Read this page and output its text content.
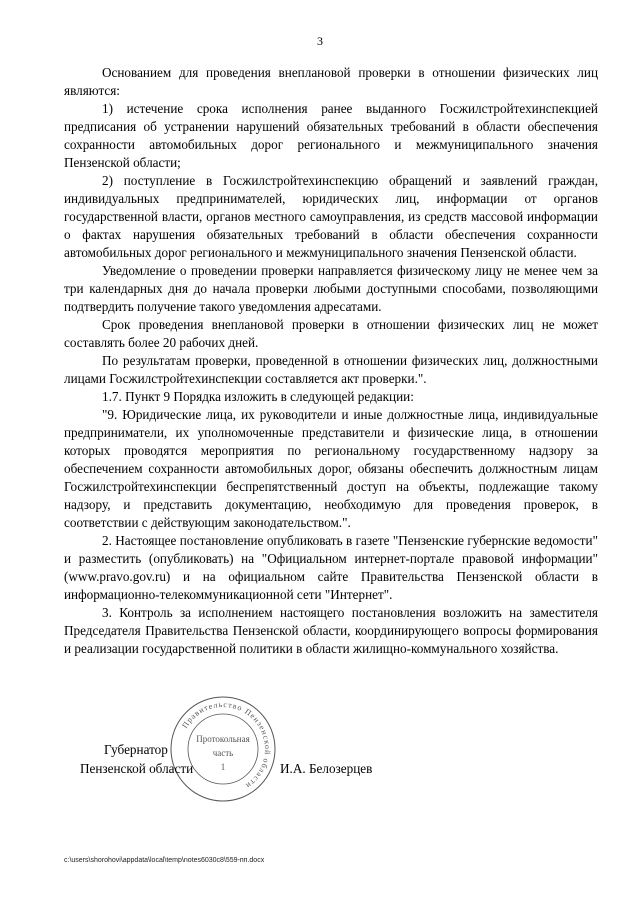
3

Основанием для проведения внеплановой проверки в отношении физических лиц являются:

1) истечение срока исполнения ранее выданного Госжилстройтехинспекцией предписания об устранении нарушений обязательных требований в области обеспечения сохранности автомобильных дорог регионального и межмуниципального значения Пензенской области;

2) поступление в Госжилстройтехинспекцию обращений и заявлений граждан, индивидуальных предпринимателей, юридических лиц, информации от органов государственной власти, органов местного самоуправления, из средств массовой информации о фактах нарушения обязательных требований в области обеспечения сохранности автомобильных дорог регионального и межмуниципального значения Пензенской области.

Уведомление о проведении проверки направляется физическому лицу не менее чем за три календарных дня до начала проверки любыми доступными способами, позволяющими подтвердить получение такого уведомления адресатами.

Срок проведения внеплановой проверки в отношении физических лиц не может составлять более 20 рабочих дней.

По результатам проверки, проведенной в отношении физических лиц, должностными лицами Госжилстройтехинспекции составляется акт проверки.".

1.7. Пункт 9 Порядка изложить в следующей редакции:

"9. Юридические лица, их руководители и иные должностные лица, индивидуальные предприниматели, их уполномоченные представители и физические лица, в отношении которых проводятся мероприятия по региональному государственному надзору за обеспечением сохранности автомобильных дорог, обязаны обеспечить должностным лицам Госжилстройтехинспекции беспрепятственный доступ на объекты, подлежащие такому надзору, и представить документацию, необходимую для проведения проверок, в соответствии с действующим законодательством.".

2. Настоящее постановление опубликовать в газете "Пензенские губернские ведомости" и разместить (опубликовать) на "Официальном интернет-портале правовой информации" (www.pravo.gov.ru) и на официальном сайте Правительства Пензенской области в информационно-телекоммуникационной сети "Интернет".

3. Контроль за исполнением настоящего постановления возложить на заместителя Председателя Правительства Пензенской области, координирующего вопросы формирования и реализации государственной политики в области жилищно-коммунального хозяйства.

Правительство Пензенской области
Протокольная
часть
1
Губернатор
Пензенской области	И.А. Белозерцев
c:\users\shorohovi\appdata\local\temp\notes6030c8\559-пп.docx
